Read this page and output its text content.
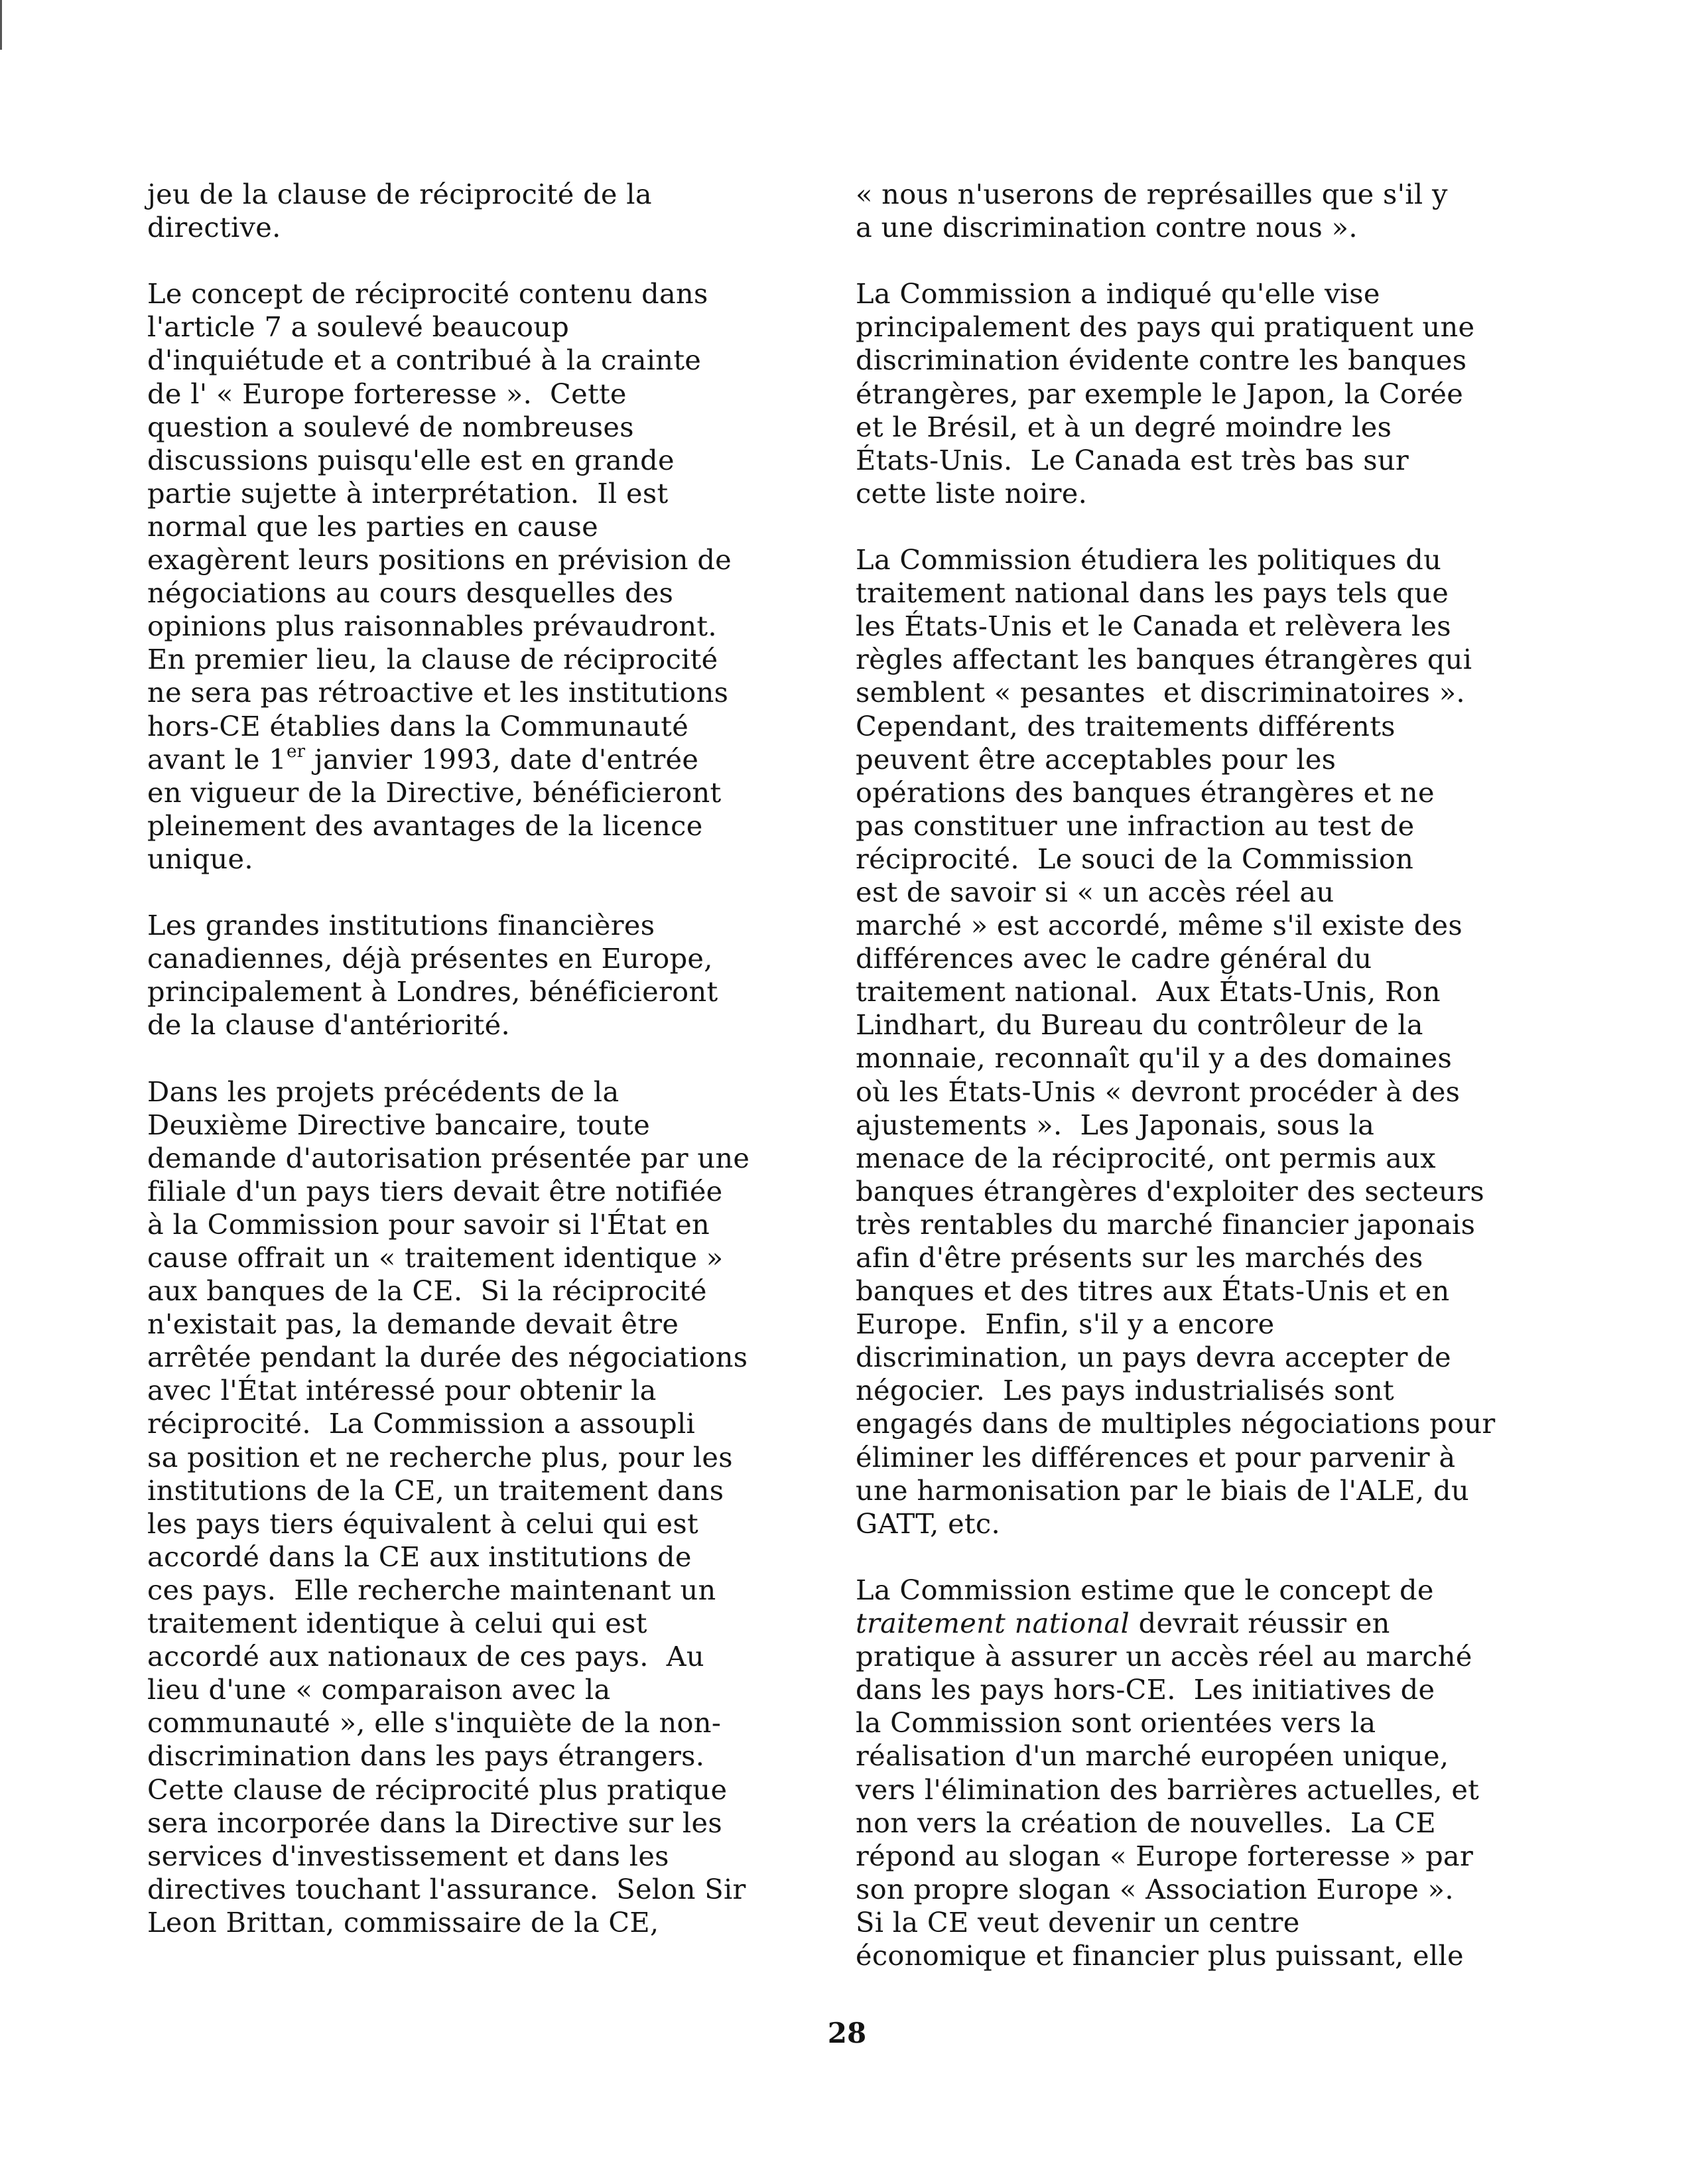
jeu de la clause de réciprocité de la
directive.
Le concept de réciprocité contenu dans
l'article 7 a soulevé beaucoup
d'inquiétude et a contribué à la crainte
de l' « Europe forteresse ».  Cette
question a soulevé de nombreuses
discussions puisqu'elle est en grande
partie sujette à interprétation.  Il est
normal que les parties en cause
exagèrent leurs positions en prévision de
négociations au cours desquelles des
opinions plus raisonnables prévaudront.
En premier lieu, la clause de réciprocité
ne sera pas rétroactive et les institutions
hors-CE établies dans la Communauté
avant le 1er janvier 1993, date d'entrée
en vigueur de la Directive, bénéficieront
pleinement des avantages de la licence
unique.
Les grandes institutions financières
canadiennes, déjà présentes en Europe,
principalement à Londres, bénéficieront
de la clause d'antériorité.
Dans les projets précédents de la
Deuxième Directive bancaire, toute
demande d'autorisation présentée par une
filiale d'un pays tiers devait être notifiée
à la Commission pour savoir si l'État en
cause offrait un « traitement identique »
aux banques de la CE.  Si la réciprocité
n'existait pas, la demande devait être
arrêtée pendant la durée des négociations
avec l'État intéressé pour obtenir la
réciprocité.  La Commission a assoupli
sa position et ne recherche plus, pour les
institutions de la CE, un traitement dans
les pays tiers équivalent à celui qui est
accordé dans la CE aux institutions de
ces pays.  Elle recherche maintenant un
traitement identique à celui qui est
accordé aux nationaux de ces pays.  Au
lieu d'une « comparaison avec la
communauté », elle s'inquiète de la non-
discrimination dans les pays étrangers.
Cette clause de réciprocité plus pratique
sera incorporée dans la Directive sur les
services d'investissement et dans les
directives touchant l'assurance.  Selon Sir
Leon Brittan, commissaire de la CE,
« nous n'userons de représailles que s'il y
a une discrimination contre nous ».
La Commission a indiqué qu'elle vise
principalement des pays qui pratiquent une
discrimination évidente contre les banques
étrangères, par exemple le Japon, la Corée
et le Brésil, et à un degré moindre les
États-Unis.  Le Canada est très bas sur
cette liste noire.
La Commission étudiera les politiques du
traitement national dans les pays tels que
les États-Unis et le Canada et relèvera les
règles affectant les banques étrangères qui
semblent « pesantes  et discriminatoires ».
Cependant, des traitements différents
peuvent être acceptables pour les
opérations des banques étrangères et ne
pas constituer une infraction au test de
réciprocité.  Le souci de la Commission
est de savoir si « un accès réel au
marché » est accordé, même s'il existe des
différences avec le cadre général du
traitement national.  Aux États-Unis, Ron
Lindhart, du Bureau du contrôleur de la
monnaie, reconnaît qu'il y a des domaines
où les États-Unis « devront procéder à des
ajustements ».  Les Japonais, sous la
menace de la réciprocité, ont permis aux
banques étrangères d'exploiter des secteurs
très rentables du marché financier japonais
afin d'être présents sur les marchés des
banques et des titres aux États-Unis et en
Europe.  Enfin, s'il y a encore
discrimination, un pays devra accepter de
négocier.  Les pays industrialisés sont
engagés dans de multiples négociations pour
éliminer les différences et pour parvenir à
une harmonisation par le biais de l'ALE, du
GATT, etc.
La Commission estime que le concept de
traitement national devrait réussir en
pratique à assurer un accès réel au marché
dans les pays hors-CE.  Les initiatives de
la Commission sont orientées vers la
réalisation d'un marché européen unique,
vers l'élimination des barrières actuelles, et
non vers la création de nouvelles.  La CE
répond au slogan « Europe forteresse » par
son propre slogan « Association Europe ».
Si la CE veut devenir un centre
économique et financier plus puissant, elle
28
